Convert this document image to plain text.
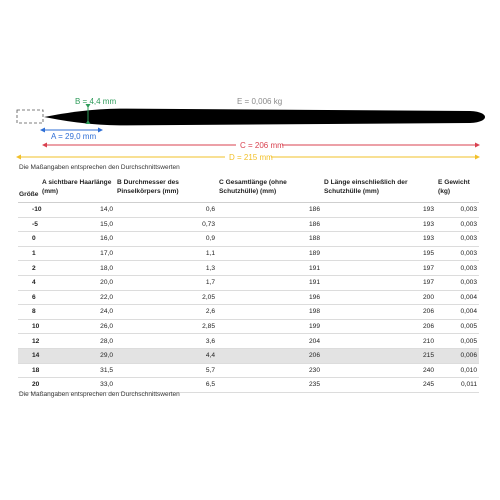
B = 4,4 mm	E = 0,006 kg
A = 29,0 mm
C = 206 mm
D = 215 mm
Die Maßangaben entsprechen den Durchschnittswerten
Größe	A sichtbare Haarlänge (mm)	B Durchmesser des Pinselkörpers (mm)	C Gesamtlänge (ohne Schutzhülle) (mm)	D Länge einschließlich der Schutzhülle (mm)	E Gewicht (kg)
-10	14,0	0,6	186	193	0,003
-5	15,0	0,73	186	193	0,003
0	16,0	0,9	188	193	0,003
1	17,0	1,1	189	195	0,003
2	18,0	1,3	191	197	0,003
4	20,0	1,7	191	197	0,003
6	22,0	2,05	196	200	0,004
8	24,0	2,6	198	206	0,004
10	26,0	2,85	199	206	0,005
12	28,0	3,6	204	210	0,005
14	29,0	4,4	206	215	0,006
18	31,5	5,7	230	240	0,010
20	33,0	6,5	235	245	0,011
Die Maßangaben entsprechen den Durchschnittswerten
